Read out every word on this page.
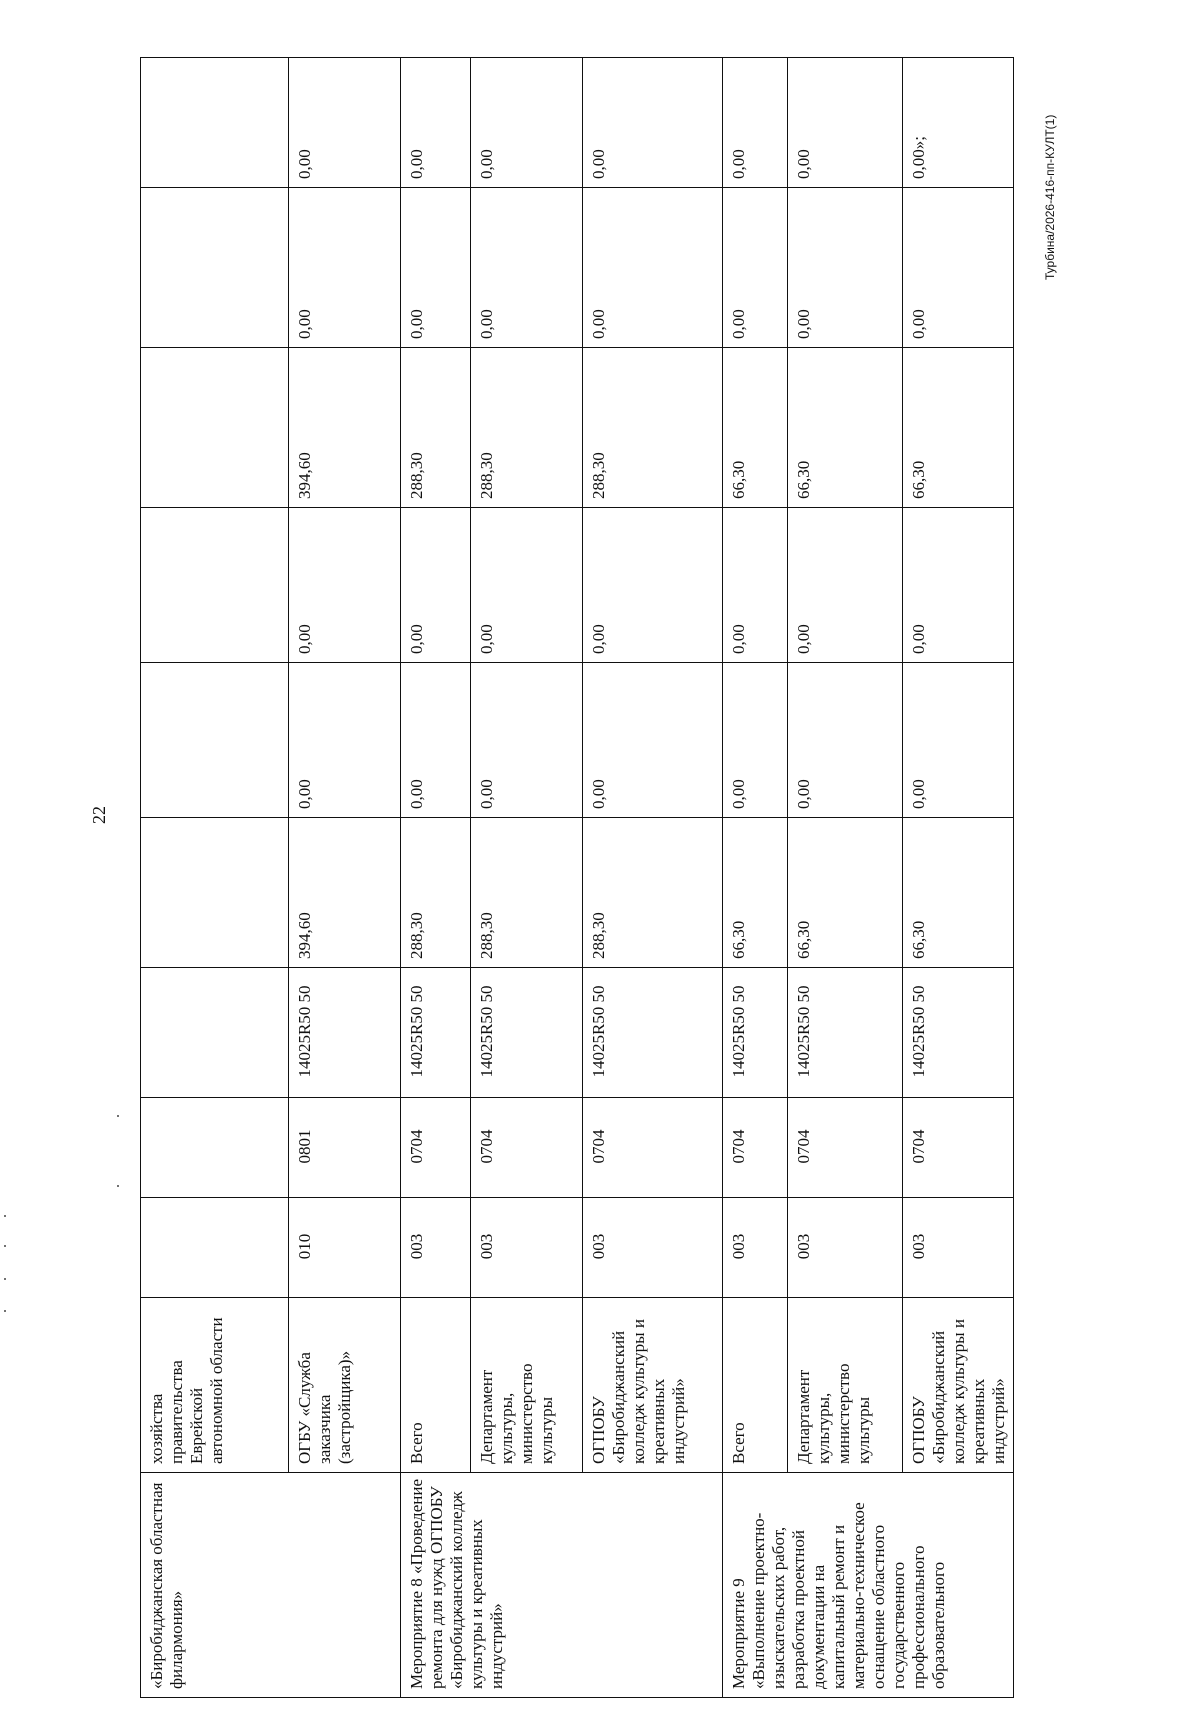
22
Турбина/2026-416-пп-КУЛТ(1)
«Биробиджанская областная филармония»	хозяйства правительства Еврейской автономной области									
	ОГБУ «Служба заказчика (застройщика)»	010	0801	14025R50 50	394,60	0,00	0,00	394,60	0,00	0,00
Мероприятие 8 «Проведение ремонта для нужд ОГПОБУ «Биробиджанский колледж культуры и креативных индустрий»	Всего	003	0704	14025R50 50	288,30	0,00	0,00	288,30	0,00	0,00
	Департамент культуры, министерство культуры	003	0704	14025R50 50	288,30	0,00	0,00	288,30	0,00	0,00
	ОГПОБУ «Биробиджанский колледж культуры и креативных индустрий»	003	0704	14025R50 50	288,30	0,00	0,00	288,30	0,00	0,00
Мероприятие 9 «Выполнение проектно-изыскательских работ, разработка проектной документации на капитальный ремонт и материально-техническое оснащение областного государственного профессионального образовательного	Всего	003	0704	14025R50 50	66,30	0,00	0,00	66,30	0,00	0,00
	Департамент культуры, министерство культуры	003	0704	14025R50 50	66,30	0,00	0,00	66,30	0,00	0,00
	ОГПОБУ «Биробиджанский колледж культуры и креативных индустрий»	003	0704	14025R50 50	66,30	0,00	0,00	66,30	0,00	0,00»;
